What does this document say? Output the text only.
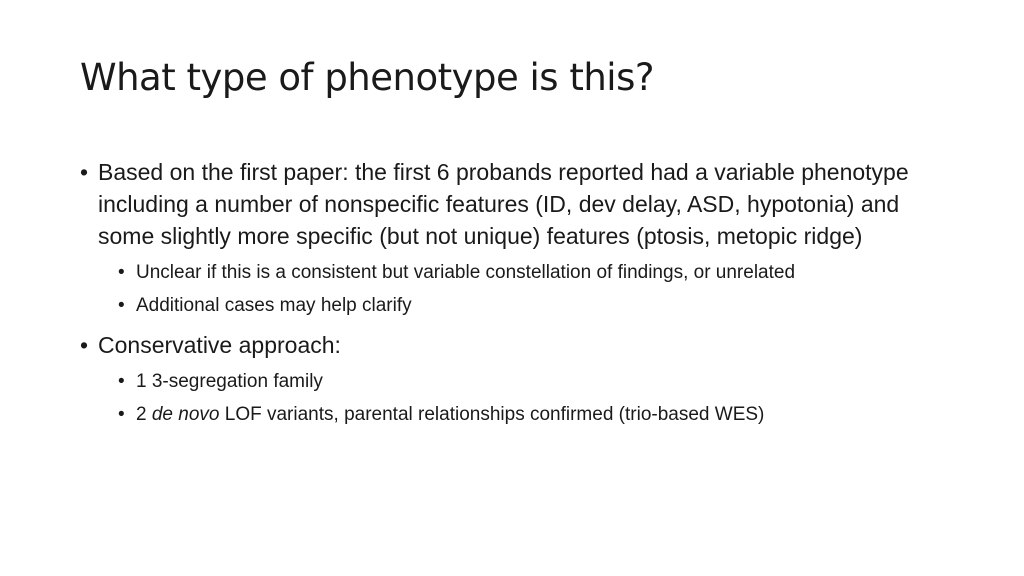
What type of phenotype is this?
• Based on the first paper: the first 6 probands reported had a variable phenotype including a number of nonspecific features (ID, dev delay, ASD, hypotonia) and some slightly more specific (but not unique) features (ptosis, metopic ridge)
• Unclear if this is a consistent but variable constellation of findings, or unrelated
• Additional cases may help clarify
• Conservative approach:
• 1 3-segregation family
• 2 de novo LOF variants, parental relationships confirmed (trio-based WES)
